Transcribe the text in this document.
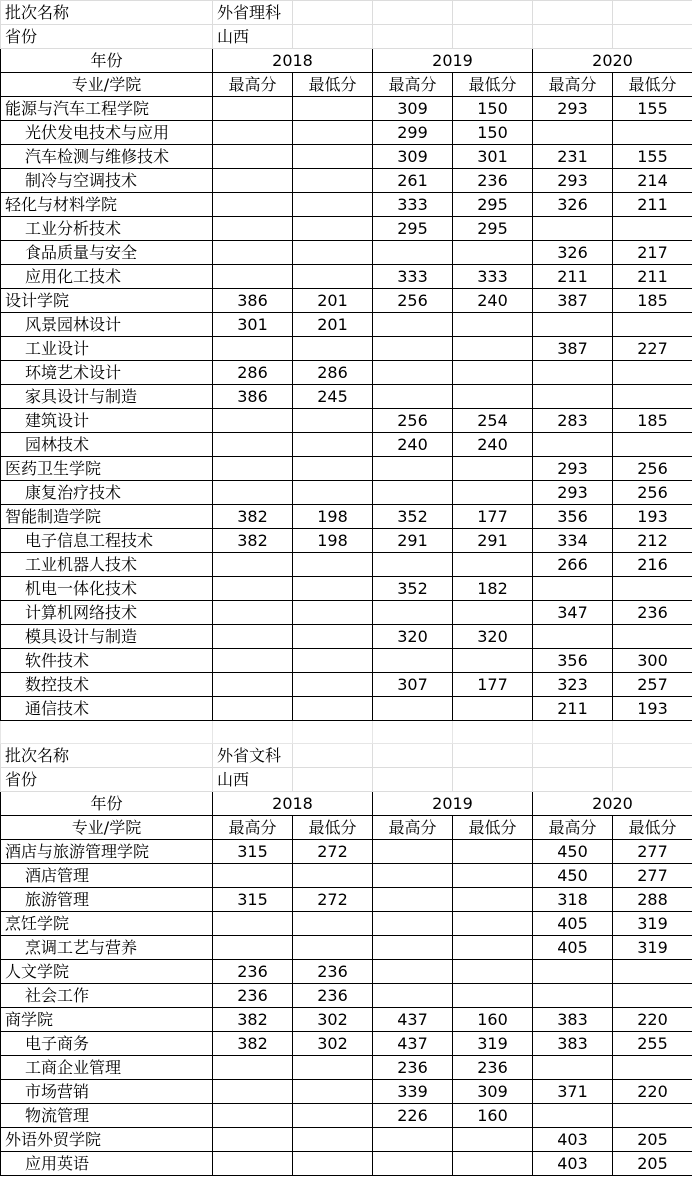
批次名称	外省理科					
省份	山西					
年份	2018		2019		2020	
专业/学院	最高分	最低分	最高分	最低分	最高分	最低分
能源与汽车工程学院			309	150	293	155
光伏发电技术与应用			299	150		
汽车检测与维修技术			309	301	231	155
制冷与空调技术			261	236	293	214
轻化与材料学院			333	295	326	211
工业分析技术			295	295		
食品质量与安全					326	217
应用化工技术			333	333	211	211
设计学院	386	201	256	240	387	185
风景园林设计	301	201				
工业设计					387	227
环境艺术设计	286	286				
家具设计与制造	386	245				
建筑设计			256	254	283	185
园林技术			240	240		
医药卫生学院					293	256
康复治疗技术					293	256
智能制造学院	382	198	352	177	356	193
电子信息工程技术	382	198	291	291	334	212
工业机器人技术					266	216
机电一体化技术			352	182		
计算机网络技术					347	236
模具设计与制造			320	320		
软件技术					356	300
数控技术			307	177	323	257
通信技术					211	193

批次名称	外省文科					
省份	山西					
年份	2018		2019		2020	
专业/学院	最高分	最低分	最高分	最低分	最高分	最低分
酒店与旅游管理学院	315	272			450	277
酒店管理					450	277
旅游管理	315	272			318	288
烹饪学院					405	319
烹调工艺与营养					405	319
人文学院	236	236				
社会工作	236	236				
商学院	382	302	437	160	383	220
电子商务	382	302	437	319	383	255
工商企业管理			236	236		
市场营销			339	309	371	220
物流管理			226	160		
外语外贸学院					403	205
应用英语					403	205
